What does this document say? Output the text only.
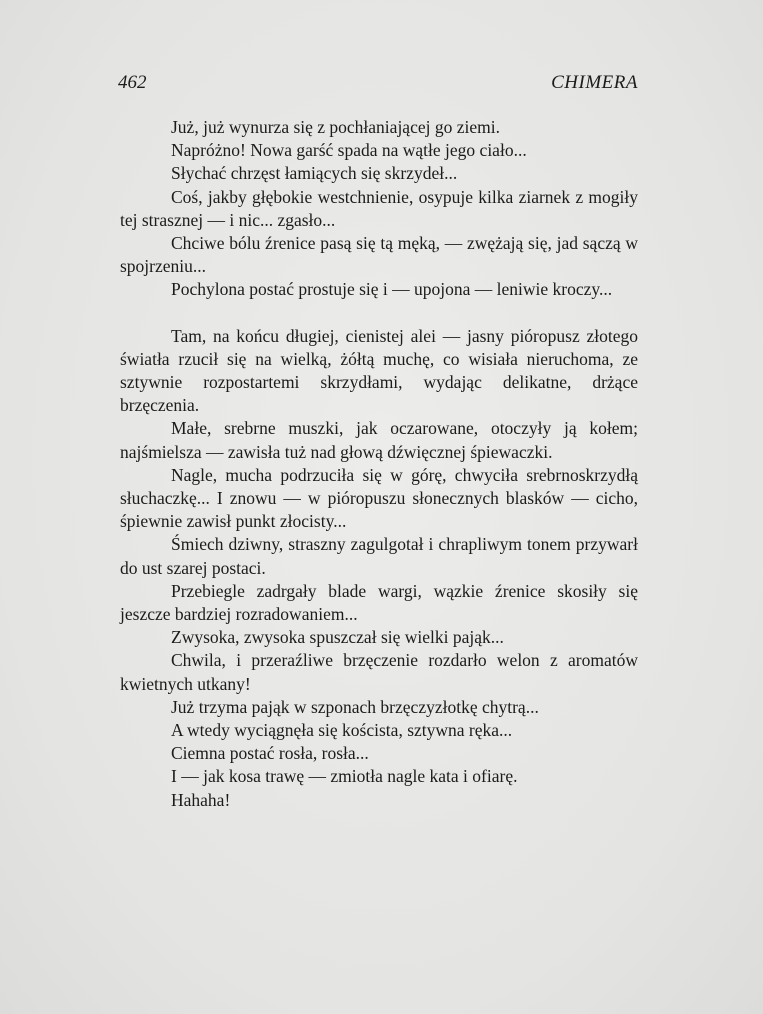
462	CHIMERA

Już, już wynurza się z pochłaniającej go ziemi.

Napróżno! Nowa garść spada na wątłe jego ciało...

Słychać chrzęst łamiących się skrzydeł...

Coś, jakby głębokie westchnienie, osypuje kilka ziarnek z mogiły tej strasznej — i nic... zgasło...

Chciwe bólu źrenice pasą się tą męką, — zwężają się, jad sączą w spojrzeniu...

Pochylona postać prostuje się i — upojona — leniwie kroczy...

Tam, na końcu długiej, cienistej alei — jasny pióropusz złotego światła rzucił się na wielką, żółtą muchę, co wisiała nieruchoma, ze sztywnie rozpostartemi skrzydłami, wydając delikatne, drżące brzęczenia.

Małe, srebrne muszki, jak oczarowane, otoczyły ją kołem; najśmielsza — zawisła tuż nad głową dźwięcznej śpiewaczki.

Nagle, mucha podrzuciła się w górę, chwyciła srebrnoskrzydłą słuchaczkę... I znowu — w pióropuszu słonecznych blasków — cicho, śpiewnie zawisł punkt złocisty...

Śmiech dziwny, straszny zagulgotał i chrapliwym tonem przywarł do ust szarej postaci.

Przebiegle zadrgały blade wargi, wązkie źrenice skosiły się jeszcze bardziej rozradowaniem...

Zwysoka, zwysoka spuszczał się wielki pająk...

Chwila, i przeraźliwe brzęczenie rozdarło welon z aromatów kwietnych utkany!

Już trzyma pająk w szponach brzęczyzłotkę chytrą...

A wtedy wyciągnęła się koścista, sztywna ręka...

Ciemna postać rosła, rosła...

I — jak kosa trawę — zmiotła nagle kata i ofiarę.

Hahaha!
